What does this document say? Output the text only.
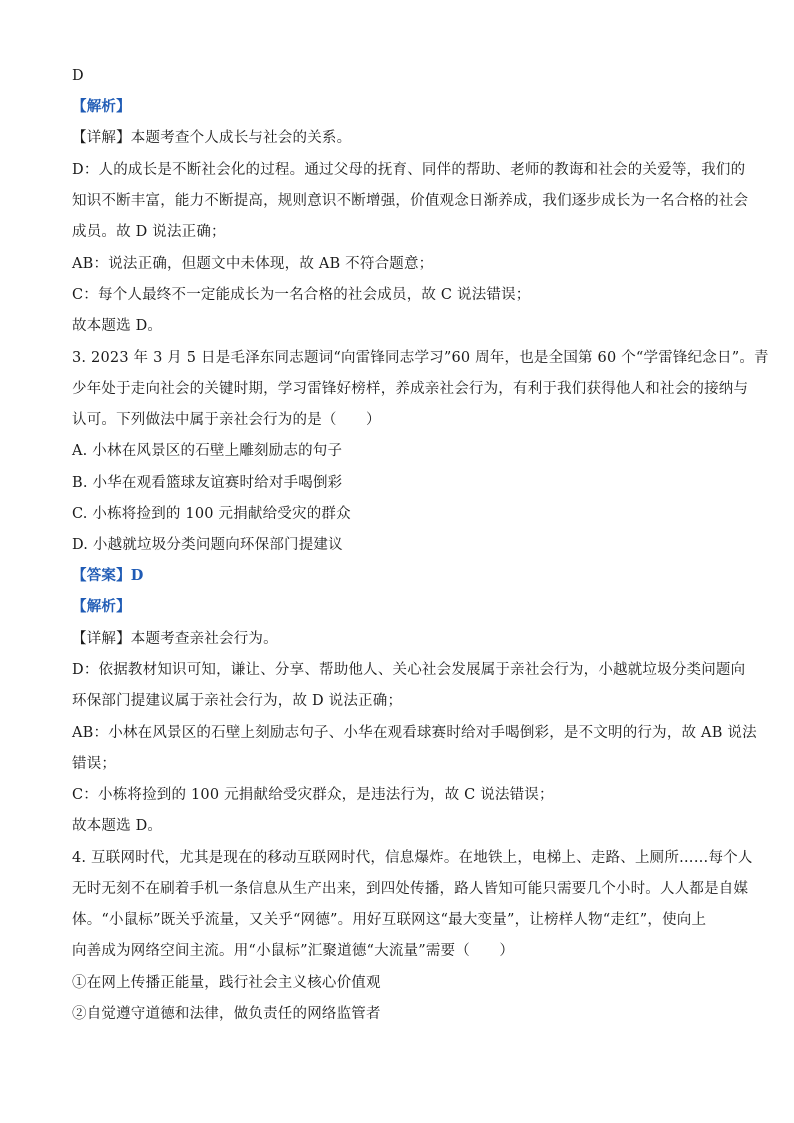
D
【解析】
【详解】本题考查个人成长与社会的关系。
D：人的成长是不断社会化的过程。通过父母的抚育、同伴的帮助、老师的教诲和社会的关爱等，我们的
知识不断丰富，能力不断提高，规则意识不断增强，价值观念日渐养成，我们逐步成长为一名合格的社会
成员。故 D 说法正确；
AB：说法正确，但题文中未体现，故 AB 不符合题意；
C：每个人最终不一定能成长为一名合格的社会成员，故 C 说法错误；
故本题选 D。
3. 2023 年 3 月 5 日是毛泽东同志题词“向雷锋同志学习”60 周年，也是全国第 60 个“学雷锋纪念日”。青
少年处于走向社会的关键时期，学习雷锋好榜样，养成亲社会行为，有利于我们获得他人和社会的接纳与
认可。下列做法中属于亲社会行为的是（　　）
A. 小林在风景区的石壁上雕刻励志的句子
B. 小华在观看篮球友谊赛时给对手喝倒彩
C. 小栋将捡到的 100 元捐献给受灾的群众
D. 小越就垃圾分类问题向环保部门提建议
【答案】D
【解析】
【详解】本题考查亲社会行为。
D：依据教材知识可知，谦让、分享、帮助他人、关心社会发展属于亲社会行为，小越就垃圾分类问题向
环保部门提建议属于亲社会行为，故 D 说法正确；
AB：小林在风景区的石壁上刻励志句子、小华在观看球赛时给对手喝倒彩，是不文明的行为，故 AB 说法
错误；
C：小栋将捡到的 100 元捐献给受灾群众，是违法行为，故 C 说法错误；
故本题选 D。
4. 互联网时代，尤其是现在的移动互联网时代，信息爆炸。在地铁上，电梯上、走路、上厕所……每个人
无时无刻不在刷着手机一条信息从生产出来，到四处传播，路人皆知可能只需要几个小时。人人都是自媒
体。“小鼠标”既关乎流量，又关乎“网德”。用好互联网这“最大变量”，让榜样人物“走红”，使向上
向善成为网络空间主流。用“小鼠标”汇聚道德“大流量”需要（　　）
①在网上传播正能量，践行社会主义核心价值观
②自觉遵守道德和法律，做负责任的网络监管者
